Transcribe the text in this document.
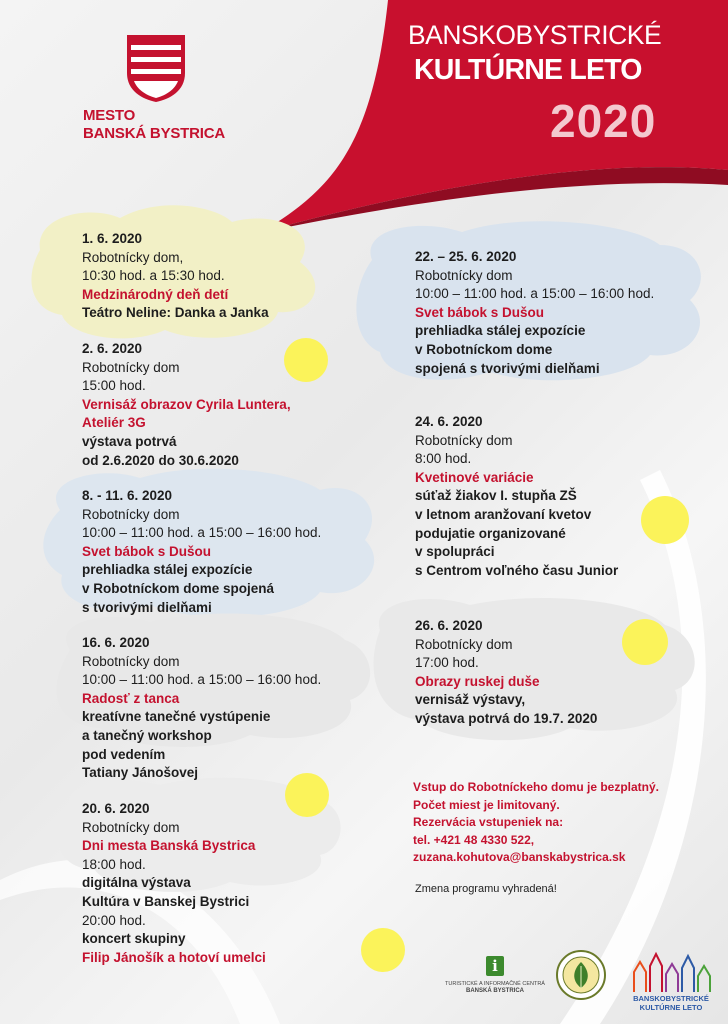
MESTO
BANSKÁ BYSTRICA
BANSKOBYSTRICKÉ
KULTÚRNE LETO
2020
1. 6. 2020
Robotnícky dom,
10:30 hod. a 15:30 hod.
Medzinárodný deň detí
Teátro Neline: Danka a Janka
2. 6. 2020
Robotnícky dom
15:00 hod.
Vernisáž obrazov Cyrila Luntera,
Ateliér 3G
výstava potrvá
od 2.6.2020 do 30.6.2020
8. - 11. 6. 2020
Robotnícky dom
10:00 – 11:00 hod. a 15:00 – 16:00 hod.
Svet bábok s Dušou
prehliadka stálej expozície
v Robotníckom dome spojená
s tvorivými dielňami
16. 6. 2020
Robotnícky dom
10:00 – 11:00 hod. a 15:00 – 16:00 hod.
Radosť z tanca
kreatívne tanečné vystúpenie
a tanečný workshop
pod vedením
Tatiany Jánošovej
20. 6. 2020
Robotnícky dom
Dni mesta Banská Bystrica
18:00 hod.
digitálna výstava
Kultúra v Banskej Bystrici
20:00 hod.
koncert skupiny
Filip Jánošík a hotoví umelci
22. – 25. 6. 2020
Robotnícky dom
10:00 – 11:00 hod. a 15:00 – 16:00 hod.
Svet bábok s Dušou
prehliadka stálej expozície
v Robotníckom dome
spojená s tvorivými dielňami
24. 6. 2020
Robotnícky dom
8:00 hod.
Kvetinové variácie
súťaž žiakov I. stupňa ZŠ
v letnom aranžovaní kvetov
podujatie organizované
v spolupráci
s Centrom voľného času Junior
26. 6. 2020
Robotnícky dom
17:00 hod.
Obrazy ruskej duše
vernisáž výstavy,
výstava potrvá do 19.7. 2020
Vstup do Robotníckeho domu je bezplatný.
Počet miest je limitovaný.
Rezervácia vstupeniek na:
tel. +421 48 4330 522,
zuzana.kohutova@banskabystrica.sk
Zmena programu vyhradená!
i
TURISTICKÉ A INFORMAČNÉ CENTRÁ
BANSKÁ BYSTRICA
BANSKOBYSTRICKÉ
KULTÚRNE LETO
